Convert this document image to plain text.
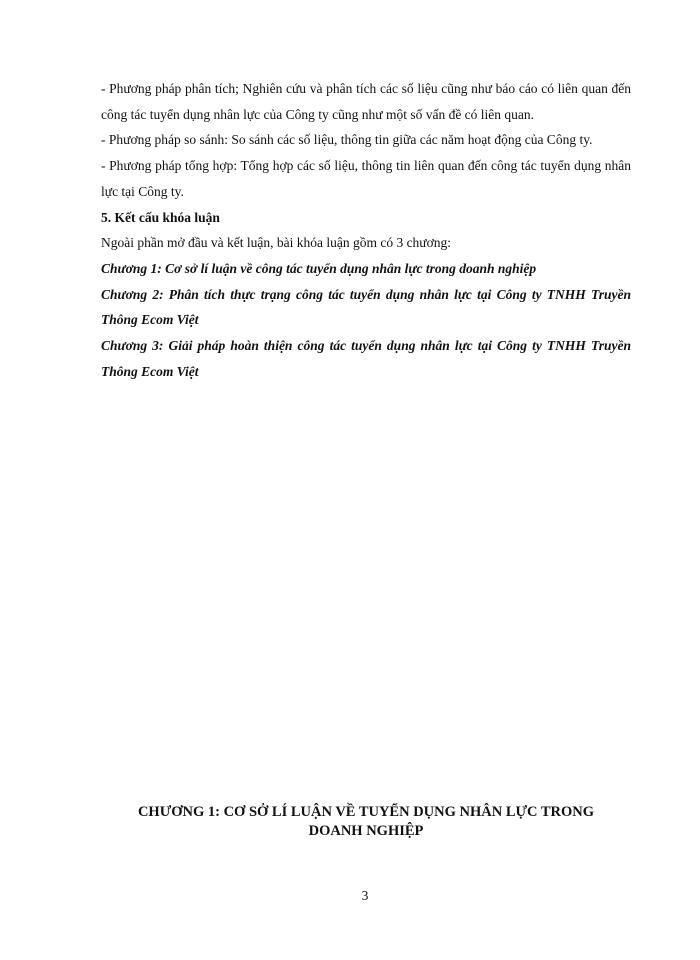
- Phương pháp phân tích; Nghiên cứu và phân tích các số liệu cũng như báo cáo có liên quan đến công tác tuyển dụng nhân lực của Công ty cũng như một số vấn đề có liên quan.

- Phương pháp so sánh: So sánh các số liệu, thông tin giữa các năm hoạt động của Công ty.

- Phương pháp tổng hợp: Tổng hợp các số liệu, thông tin liên quan đến công tác tuyển dụng nhân lực tại Công ty.

5. Kết cấu khóa luận

Ngoài phần mở đầu và kết luận, bài khóa luận gồm có 3 chương:

Chương 1: Cơ sở lí luận về công tác tuyển dụng nhân lực trong doanh nghiệp

Chương 2: Phân tích thực trạng công tác tuyển dụng nhân lực tại Công ty TNHH Truyền Thông Ecom Việt

Chương 3: Giải pháp hoàn thiện công tác tuyển dụng nhân lực tại Công ty TNHH Truyền Thông Ecom Việt

CHƯƠNG 1: CƠ SỞ LÍ LUẬN VỀ TUYỂN DỤNG NHÂN LỰC TRONG
DOANH NGHIỆP
3
